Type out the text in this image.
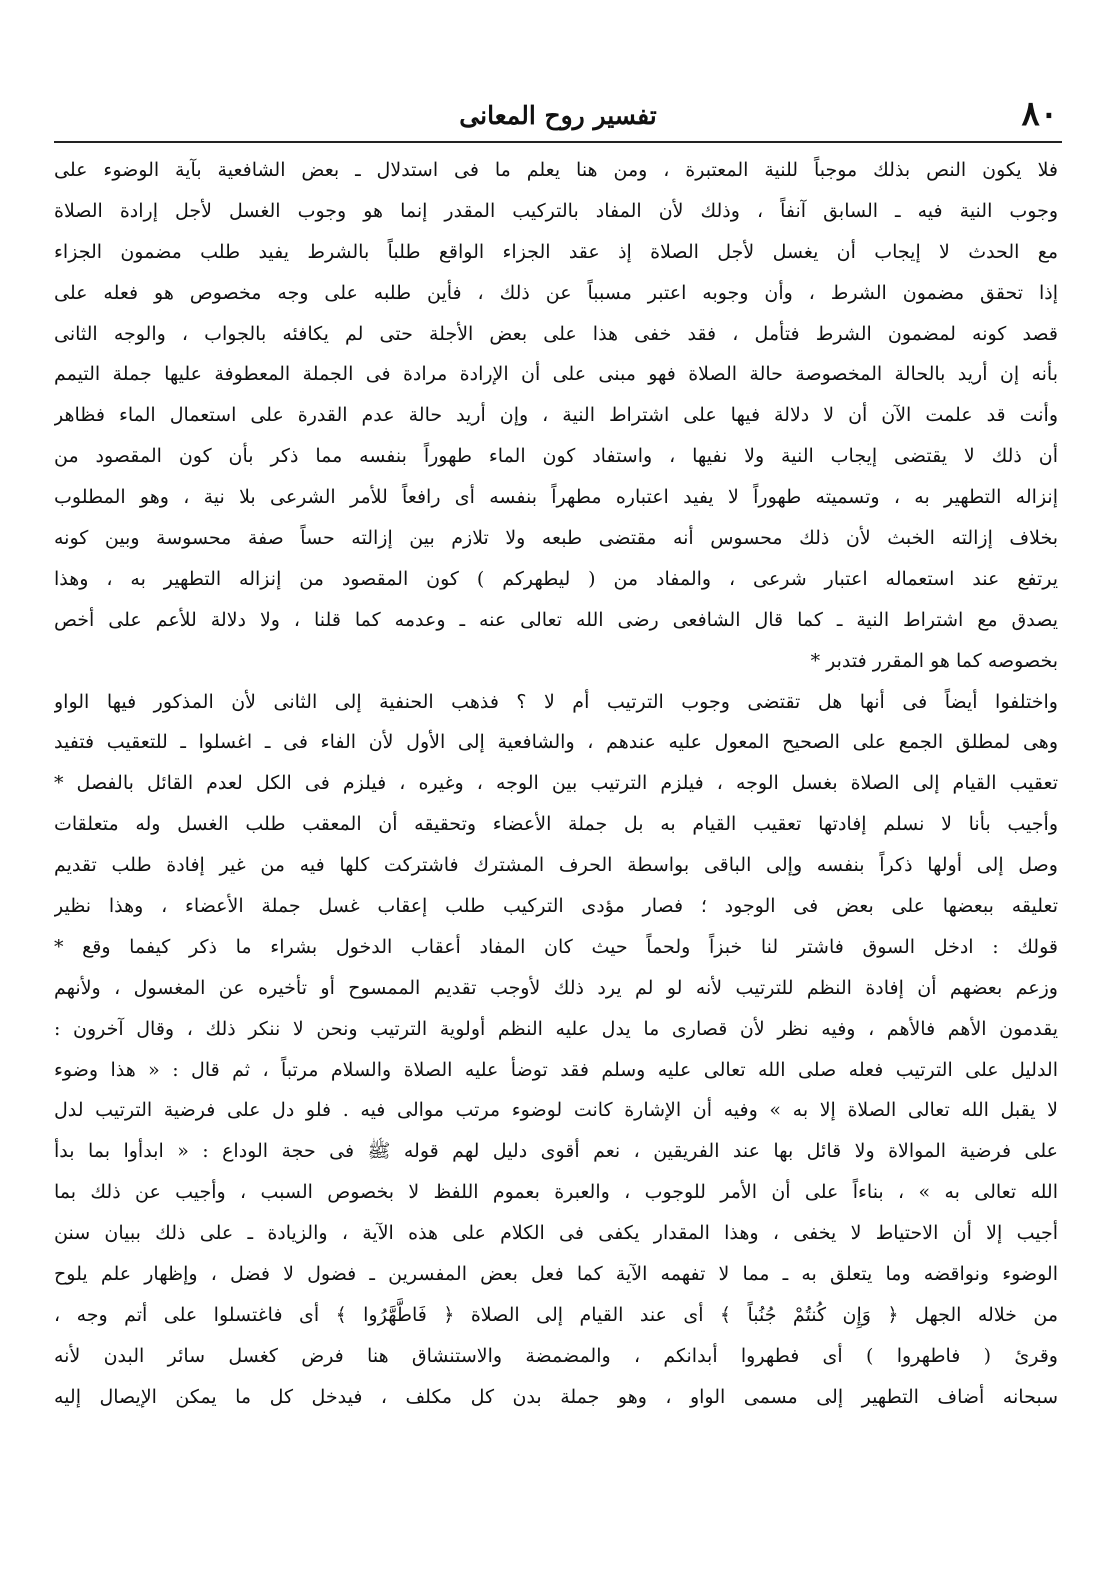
٨٠
تفسير روح المعانى
فلا يكون النص بذلك موجباً للنية المعتبرة ، ومن هنا يعلم ما فى استدلال ـ بعض الشافعية بآية الوضوء على
وجوب النية فيه ـ السابق آنفاً ، وذلك لأن المفاد بالتركيب المقدر إنما هو وجوب الغسل لأجل إرادة الصلاة
مع الحدث لا إيجاب أن يغسل لأجل الصلاة إذ عقد الجزاء الواقع طلباً بالشرط يفيد طلب مضمون الجزاء
إذا تحقق مضمون الشرط ، وأن وجوبه اعتبر مسبباً عن ذلك ، فأين طلبه على وجه مخصوص هو فعله على
قصد كونه لمضمون الشرط فتأمل ، فقد خفى هذا على بعض الأجلة حتى لم يكافئه بالجواب ، والوجه الثانى
بأنه إن أريد بالحالة المخصوصة حالة الصلاة فهو مبنى على أن الإرادة مرادة فى الجملة المعطوفة عليها جملة التيمم
وأنت قد علمت الآن أن لا دلالة فيها على اشتراط النية ، وإن أريد حالة عدم القدرة على استعمال الماء فظاهر
أن ذلك لا يقتضى إيجاب النية ولا نفيها ، واستفاد كون الماء طهوراً بنفسه مما ذكر بأن كون المقصود من
إنزاله التطهير به ، وتسميته طهوراً لا يفيد اعتباره مطهراً بنفسه أى رافعاً للأمر الشرعى بلا نية ، وهو المطلوب
بخلاف إزالته الخبث لأن ذلك محسوس أنه مقتضى طبعه ولا تلازم بين إزالته حساً صفة محسوسة وبين كونه
يرتفع عند استعماله اعتبار شرعى ، والمفاد من ( ليطهركم ) كون المقصود من إنزاله التطهير به ، وهذا
يصدق مع اشتراط النية ـ كما قال الشافعى رضى الله تعالى عنه ـ وعدمه كما قلنا ، ولا دلالة للأعم على أخص
بخصوصه كما هو المقرر فتدبر *
واختلفوا أيضاً فى أنها هل تقتضى وجوب الترتيب أم لا ؟ فذهب الحنفية إلى الثانى لأن المذكور فيها الواو
وهى لمطلق الجمع على الصحيح المعول عليه عندهم ، والشافعية إلى الأول لأن الفاء فى ـ اغسلوا ـ للتعقيب فتفيد
تعقيب القيام إلى الصلاة بغسل الوجه ، فيلزم الترتيب بين الوجه ، وغيره ، فيلزم فى الكل لعدم القائل بالفصل *
وأجيب بأنا لا نسلم إفادتها تعقيب القيام به بل جملة الأعضاء وتحقيقه أن المعقب طلب الغسل وله متعلقات
وصل إلى أولها ذكراً بنفسه وإلى الباقى بواسطة الحرف المشترك فاشتركت كلها فيه من غير إفادة طلب تقديم
تعليقه ببعضها على بعض فى الوجود ؛ فصار مؤدى التركيب طلب إعقاب غسل جملة الأعضاء ، وهذا نظير
قولك : ادخل السوق فاشتر لنا خبزاً ولحماً حيث كان المفاد أعقاب الدخول بشراء ما ذكر كيفما وقع *
وزعم بعضهم أن إفادة النظم للترتيب لأنه لو لم يرد ذلك لأوجب تقديم الممسوح أو تأخيره عن المغسول ، ولأنهم
يقدمون الأهم فالأهم ، وفيه نظر لأن قصارى ما يدل عليه النظم أولوية الترتيب ونحن لا ننكر ذلك ، وقال آخرون :
الدليل على الترتيب فعله صلى الله تعالى عليه وسلم فقد توضأ عليه الصلاة والسلام مرتباً ، ثم قال : « هذا وضوء
لا يقبل الله تعالى الصلاة إلا به » وفيه أن الإشارة كانت لوضوء مرتب موالى فيه . فلو دل على فرضية الترتيب لدل
على فرضية الموالاة ولا قائل بها عند الفريقين ، نعم أقوى دليل لهم قوله ﷺ فى حجة الوداع : « ابدأوا بما بدأ
الله تعالى به » ، بناءاً على أن الأمر للوجوب ، والعبرة بعموم اللفظ لا بخصوص السبب ، وأجيب عن ذلك بما
أجيب إلا أن الاحتياط لا يخفى ، وهذا المقدار يكفى فى الكلام على هذه الآية ، والزيادة ـ على ذلك ببيان سنن
الوضوء ونواقضه وما يتعلق به ـ مما لا تفهمه الآية كما فعل بعض المفسرين ـ فضول لا فضل ، وإظهار علم يلوح
من خلاله الجهل ﴿ وَإِن كُنتُمْ جُنُباً ﴾ أى عند القيام إلى الصلاة ﴿ فَاطَّهَّرُوا ﴾ أى فاغتسلوا على أتم وجه ،
وقرئ ( فاطهروا ) أى فطهروا أبدانكم ، والمضمضة والاستنشاق هنا فرض كغسل سائر البدن لأنه
سبحانه أضاف التطهير إلى مسمى الواو ، وهو جملة بدن كل مكلف ، فيدخل كل ما يمكن الإيصال إليه
